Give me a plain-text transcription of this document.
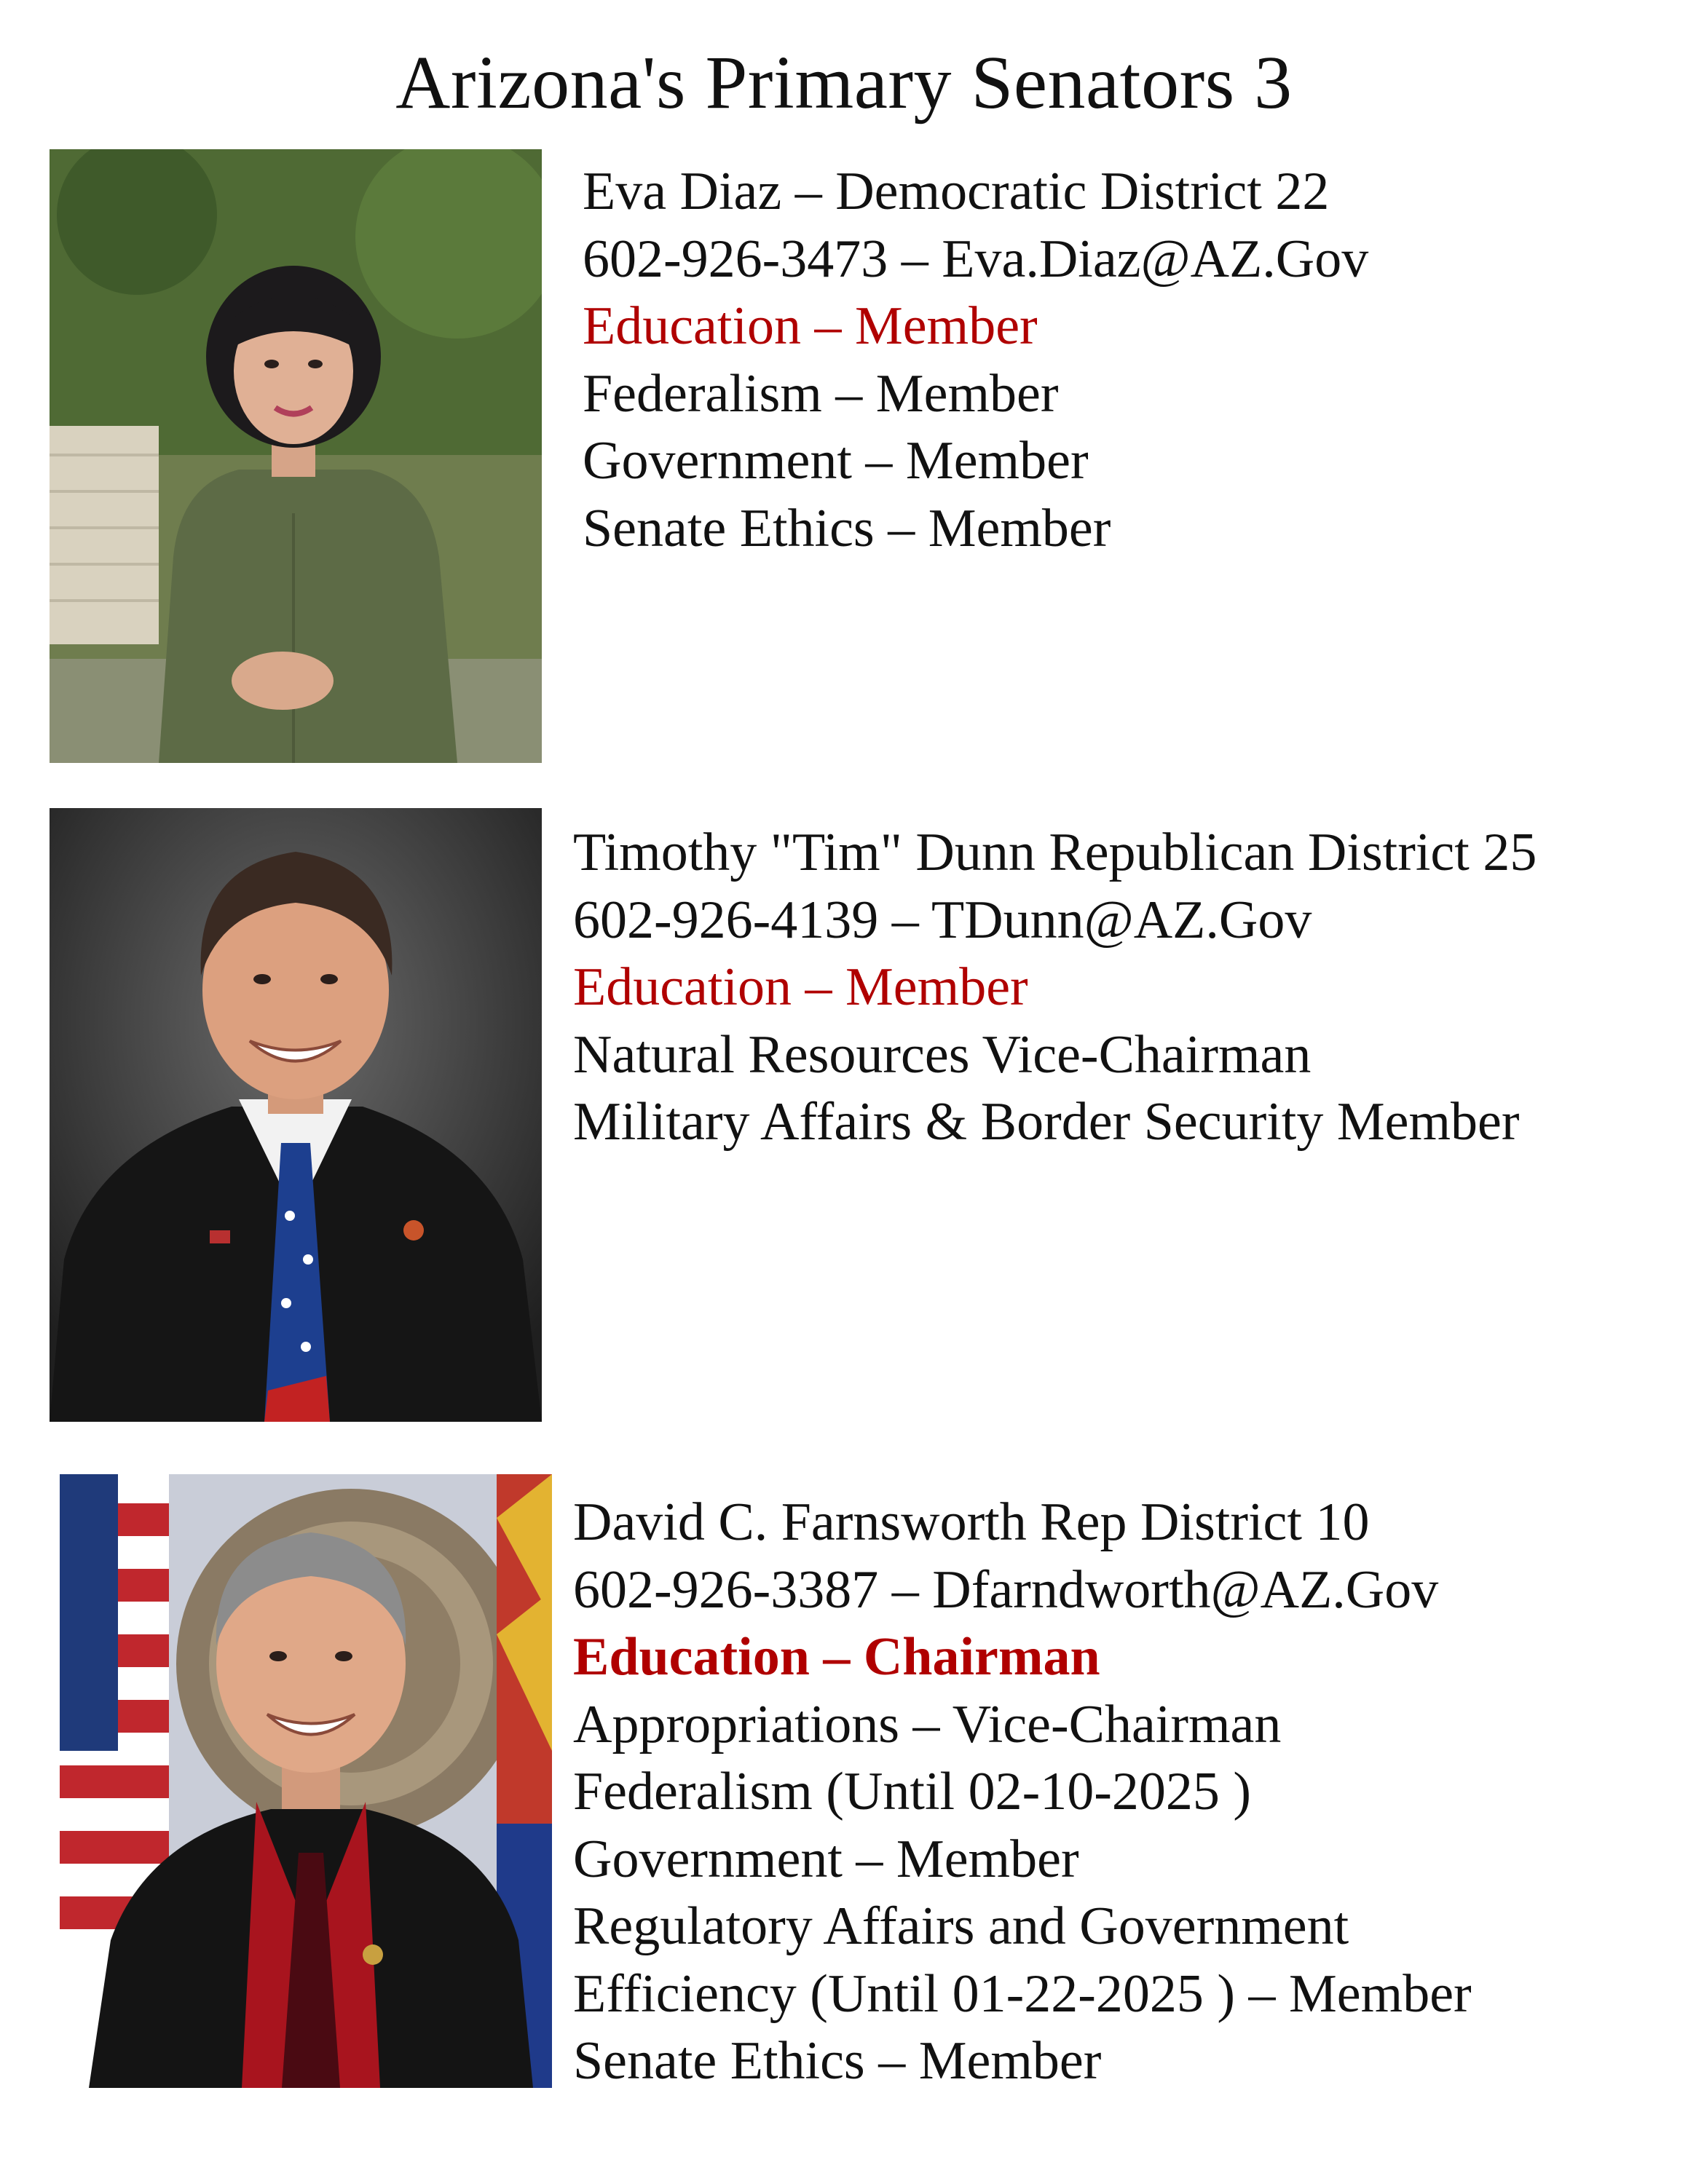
Arizona's Primary Senators 3
Eva Diaz – Democratic District 22
602-926-3473 – Eva.Diaz@AZ.Gov
Education – Member
Federalism – Member
Government – Member
Senate Ethics – Member
Timothy "Tim" Dunn Republican District 25
602-926-4139 – TDunn@AZ.Gov
Education – Member
Natural Resources Vice-Chairman
Military Affairs & Border Security Member
David C. Farnsworth Rep District 10
602-926-3387 – Dfarndworth@AZ.Gov
Education – Chairman
Appropriations – Vice-Chairman
Federalism (Until 02-10-2025 )
Government – Member
Regulatory Affairs and Government
Efficiency (Until 01-22-2025 ) – Member
Senate Ethics – Member
